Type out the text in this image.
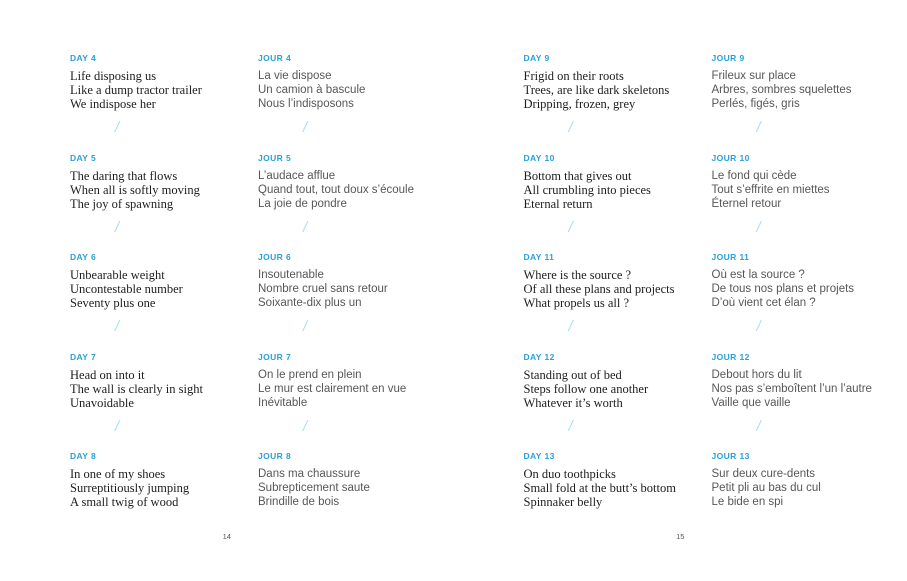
DAY 4

Life disposing us

Like a dump tractor trailer

We indispose her

/
DAY 5

The daring that flows

When all is softly moving

The joy of spawning

/
DAY 6

Unbearable weight

Uncontestable number

Seventy plus one

/
DAY 7

Head on into it

The wall is clearly in sight

Unavoidable

/
DAY 8

In one of my shoes

Surreptitiously jumping

A small twig of wood

JOUR 4

La vie dispose

Un camion à bascule

Nous l’indisposons

/
JOUR 5

L’audace afflue

Quand tout, tout doux s’écoule

La joie de pondre

/
JOUR 6

Insoutenable

Nombre cruel sans retour

Soixante-dix plus un

/
JOUR 7

On le prend en plein

Le mur est clairement en vue

Inévitable

/
JOUR 8

Dans ma chaussure

Subrepticement saute

Brindille de bois

14
DAY 9

Frigid on their roots

Trees, are like dark skeletons

Dripping, frozen, grey

/
DAY 10

Bottom that gives out

All crumbling into pieces

Eternal return

/
DAY 11

Where is the source ?

Of all these plans and projects

What propels us all ?

/
DAY 12

Standing out of bed

Steps follow one another

Whatever it’s worth

/
DAY 13

On duo toothpicks

Small fold at the butt’s bottom

Spinnaker belly

JOUR 9

Frileux sur place

Arbres, sombres squelettes

Perlés, figés, gris

/
JOUR 10

Le fond qui cède

Tout s’effrite en miettes

Éternel retour

/
JOUR 11

Où est la source ?

De tous nos plans et projets

D’où vient cet élan ?

/
JOUR 12

Debout hors du lit

Nos pas s’emboîtent l’un l’autre

Vaille que vaille

/
JOUR 13

Sur deux cure-dents

Petit pli au bas du cul

Le bide en spi

15
